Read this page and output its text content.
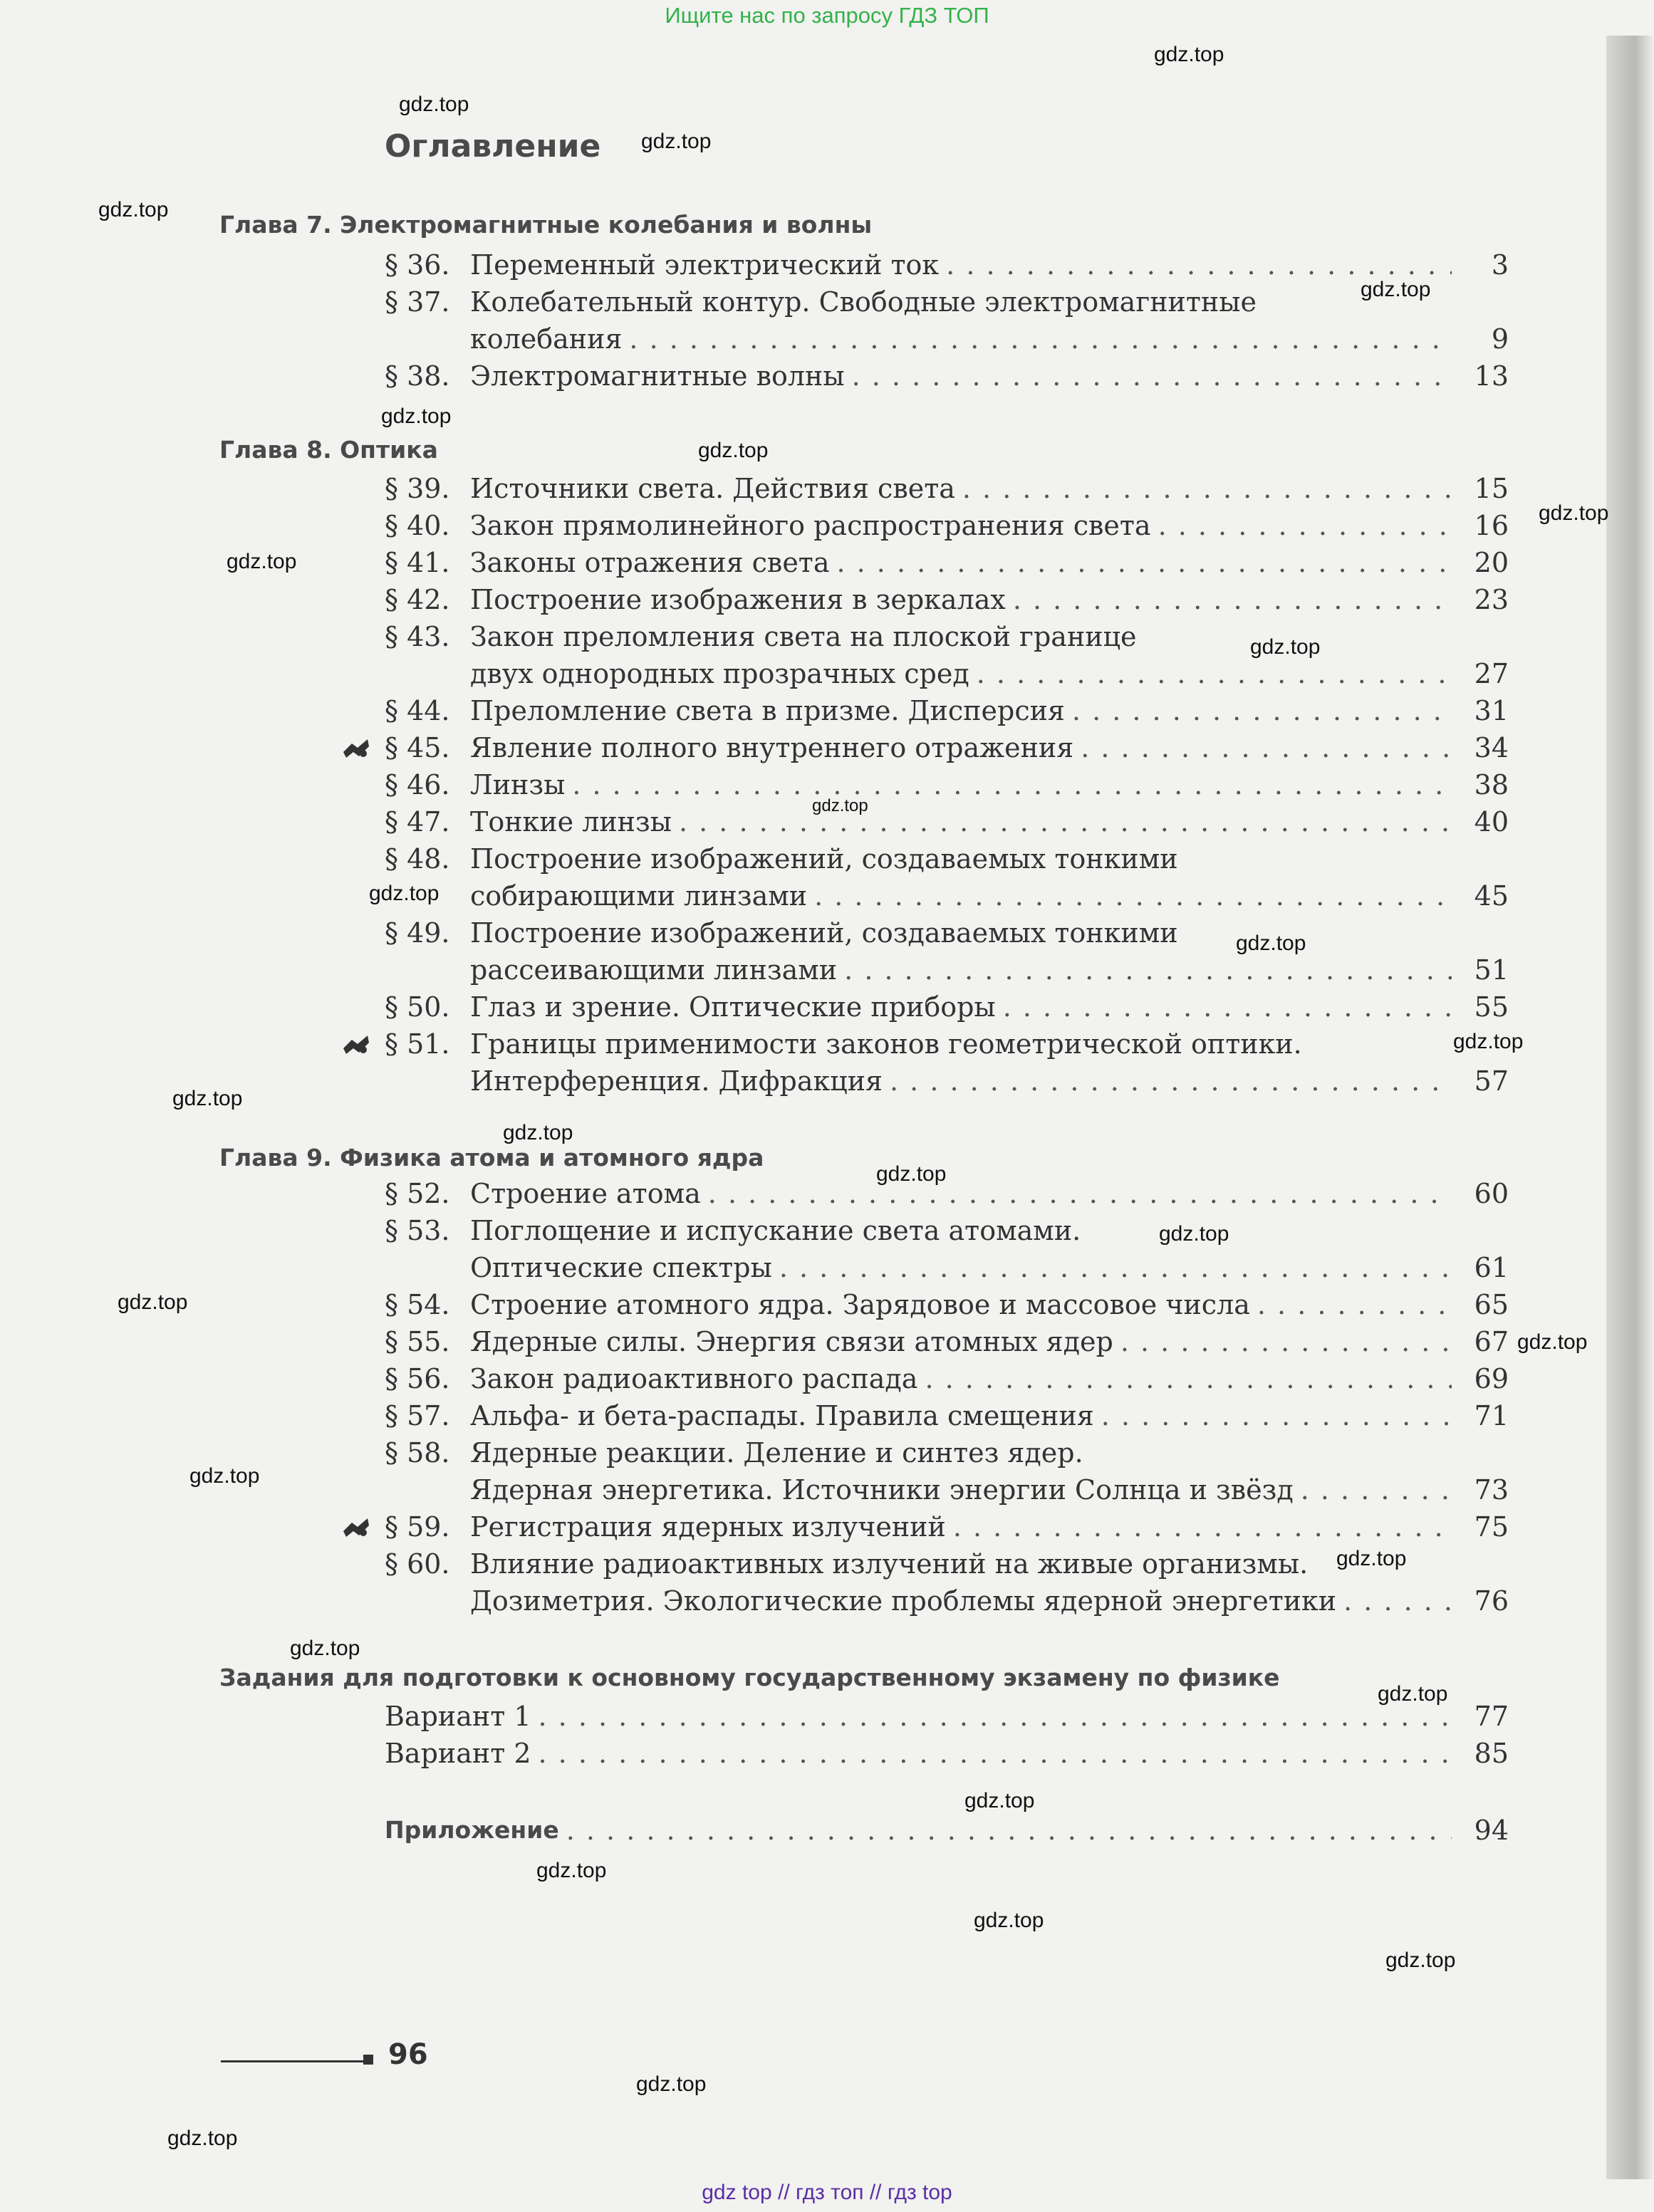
Ищите нас по запросу ГДЗ ТОП
gdz.top
gdz.top
gdz.top
gdz.top
gdz.top
gdz.top
gdz.top
gdz.top
gdz.top
gdz.top
gdz.top
gdz.top
gdz.top
gdz.top
gdz.top
gdz.top
gdz.top
gdz.top
gdz.top
gdz.top
gdz.top
gdz.top
gdz.top
gdz.top
gdz.top
gdz.top
gdz.top
gdz.top
gdz.top
gdz.top
Оглавление
Глава 7. Электромагнитные колебания и волны
§ 36. Переменный электрический ток . . .	3
§ 37. Колебательный контур. Свободные электромагнитные
колебания . . .	9
§ 38. Электромагнитные волны . . .	13
Глава 8. Оптика
§ 39. Источники света. Действия света . . .	15
§ 40. Закон прямолинейного распространения света . . .	16
§ 41. Законы отражения света . . .	20
§ 42. Построение изображения в зеркалах . . .	23
§ 43. Закон преломления света на плоской границе
двух однородных прозрачных сред . . .	27
§ 44. Преломление света в призме. Дисперсия . . .	31
§ 45. Явление полного внутреннего отражения . . .	34
§ 46. Линзы . . .	38
§ 47. Тонкие линзы . . .	40
§ 48. Построение изображений, создаваемых тонкими
собирающими линзами . . .	45
§ 49. Построение изображений, создаваемых тонкими
рассеивающими линзами . . .	51
§ 50. Глаз и зрение. Оптические приборы . . .	55
§ 51. Границы применимости законов геометрической оптики.
Интерференция. Дифракция . . .	57
Глава 9. Физика атома и атомного ядра
§ 52. Строение атома . . .	60
§ 53. Поглощение и испускание света атомами.
Оптические спектры . . .	61
§ 54. Строение атомного ядра. Зарядовое и массовое числа . . .	65
§ 55. Ядерные силы. Энергия связи атомных ядер . . .	67
§ 56. Закон радиоактивного распада . . .	69
§ 57. Альфа- и бета-распады. Правила смещения . . .	71
§ 58. Ядерные реакции. Деление и синтез ядер.
Ядерная энергетика. Источники энергии Солнца и звёзд . . .	73
§ 59. Регистрация ядерных излучений . . .	75
§ 60. Влияние радиоактивных излучений на живые организмы.
Дозиметрия. Экологические проблемы ядерной энергетики . . .	76
Задания для подготовки к основному государственному экзамену по физике
Вариант 1 . . .	77
Вариант 2 . . .	85
Приложение . . .	94
96
gdz top // гдз топ // гдз top
